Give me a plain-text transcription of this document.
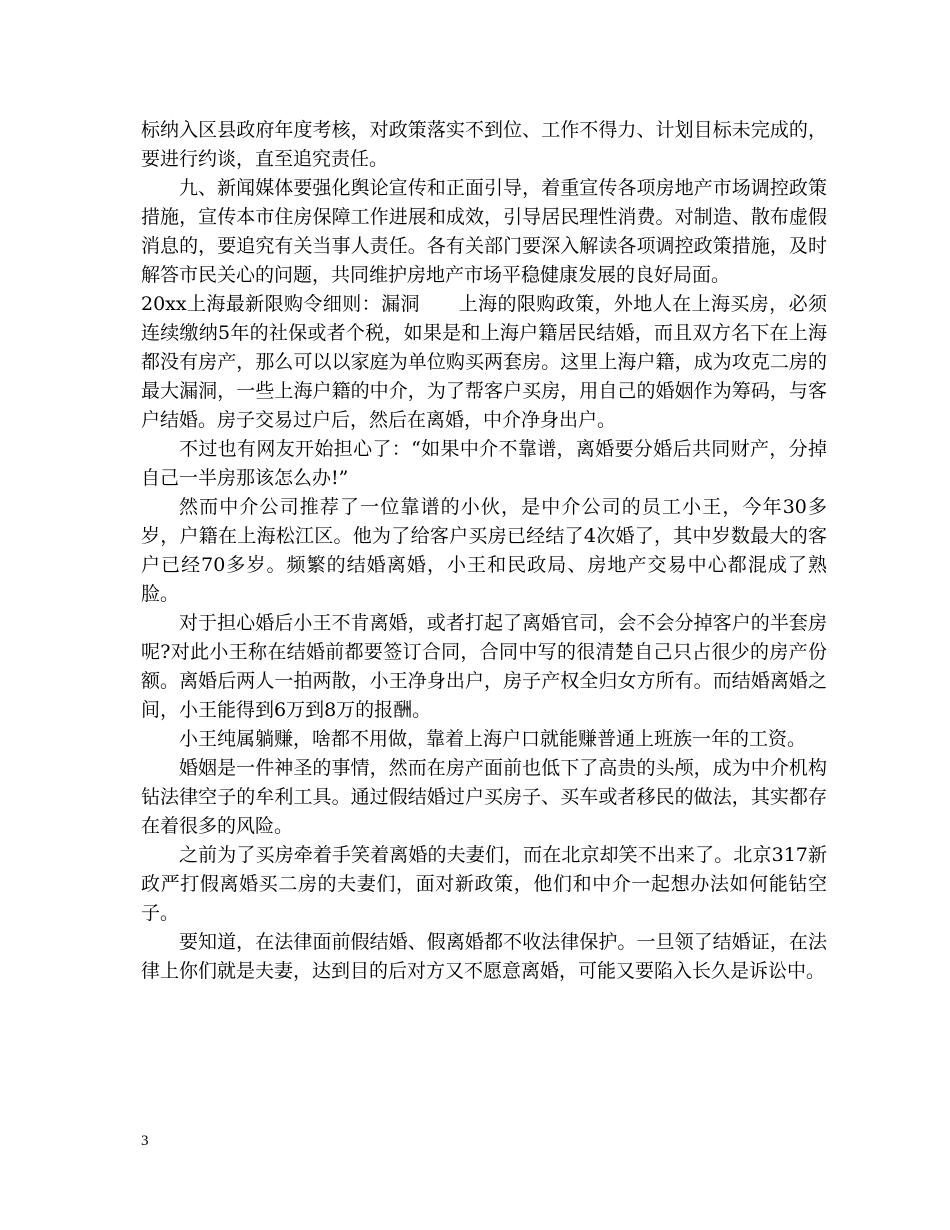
标纳入区县政府年度考核，对政策落实不到位、工作不得力、计划目标未完成的，要进行约谈，直至追究责任。

九、新闻媒体要强化舆论宣传和正面引导，着重宣传各项房地产市场调控政策措施，宣传本市住房保障工作进展和成效，引导居民理性消费。对制造、散布虚假消息的，要追究有关当事人责任。各有关部门要深入解读各项调控政策措施，及时解答市民关心的问题，共同维护房地产市场平稳健康发展的良好局面。

20xx上海最新限购令细则：漏洞　　上海的限购政策，外地人在上海买房，必须连续缴纳5年的社保或者个税，如果是和上海户籍居民结婚，而且双方名下在上海都没有房产，那么可以以家庭为单位购买两套房。这里上海户籍，成为攻克二房的最大漏洞，一些上海户籍的中介，为了帮客户买房，用自己的婚姻作为筹码，与客户结婚。房子交易过户后，然后在离婚，中介净身出户。

不过也有网友开始担心了：“如果中介不靠谱，离婚要分婚后共同财产，分掉自己一半房那该怎么办!”

然而中介公司推荐了一位靠谱的小伙，是中介公司的员工小王，今年30多岁，户籍在上海松江区。他为了给客户买房已经结了4次婚了，其中岁数最大的客户已经70多岁。频繁的结婚离婚，小王和民政局、房地产交易中心都混成了熟脸。

对于担心婚后小王不肯离婚，或者打起了离婚官司，会不会分掉客户的半套房呢?对此小王称在结婚前都要签订合同，合同中写的很清楚自己只占很少的房产份额。离婚后两人一拍两散，小王净身出户，房子产权全归女方所有。而结婚离婚之间，小王能得到6万到8万的报酬。

小王纯属躺赚，啥都不用做，靠着上海户口就能赚普通上班族一年的工资。

婚姻是一件神圣的事情，然而在房产面前也低下了高贵的头颅，成为中介机构钻法律空子的牟利工具。通过假结婚过户买房子、买车或者移民的做法，其实都存在着很多的风险。

之前为了买房牵着手笑着离婚的夫妻们，而在北京却笑不出来了。北京317新政严打假离婚买二房的夫妻们，面对新政策，他们和中介一起想办法如何能钻空子。

要知道，在法律面前假结婚、假离婚都不收法律保护。一旦领了结婚证，在法律上你们就是夫妻，达到目的后对方又不愿意离婚，可能又要陷入长久是诉讼中。

3
